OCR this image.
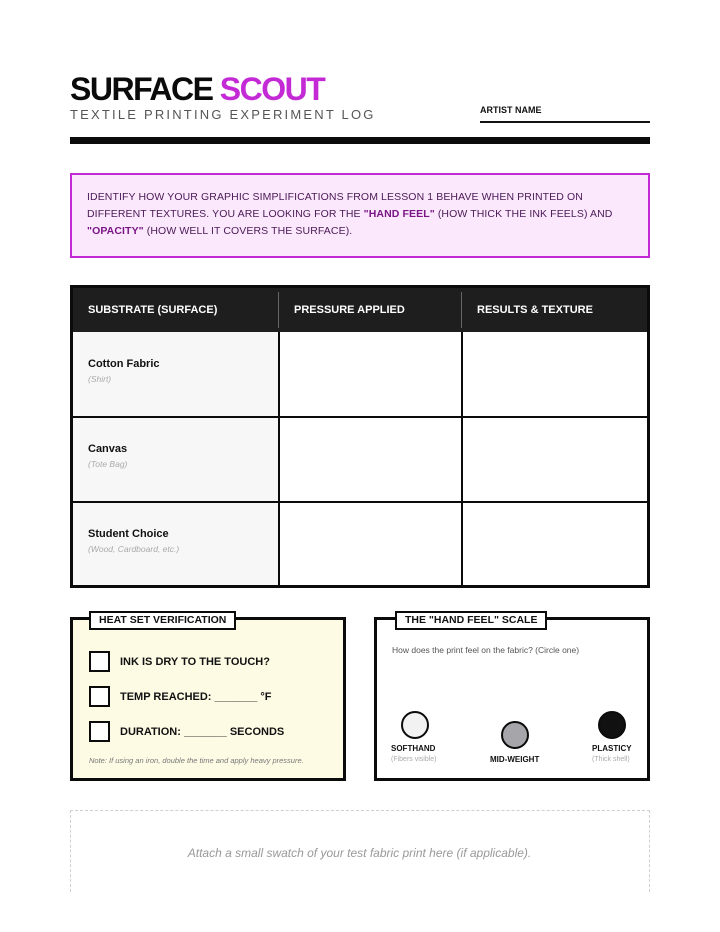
SURFACE SCOUT
TEXTILE PRINTING EXPERIMENT LOG	ARTIST NAME

IDENTIFY HOW YOUR GRAPHIC SIMPLIFICATIONS FROM LESSON 1 BEHAVE WHEN PRINTED ON DIFFERENT TEXTURES. YOU ARE LOOKING FOR THE "HAND FEEL" (HOW THICK THE INK FEELS) AND "OPACITY" (HOW WELL IT COVERS THE SURFACE).

SUBSTRATE (SURFACE)	PRESSURE APPLIED	RESULTS & TEXTURE
Cotton Fabric
(Shirt)
Canvas
(Tote Bag)
Student Choice
(Wood, Cardboard, etc.)
HEAT SET VERIFICATION
INK IS DRY TO THE TOUCH?
TEMP REACHED: _______ °F
DURATION: _______ SECONDS
Note: If using an iron, double the time and apply heavy pressure.
THE "HAND FEEL" SCALE
How does the print feel on the fabric? (Circle one)
SOFTHAND
(Fibers visible)	MID-WEIGHT
PLASTICY
(Thick shell)
Attach a small swatch of your test fabric print here (if applicable).
